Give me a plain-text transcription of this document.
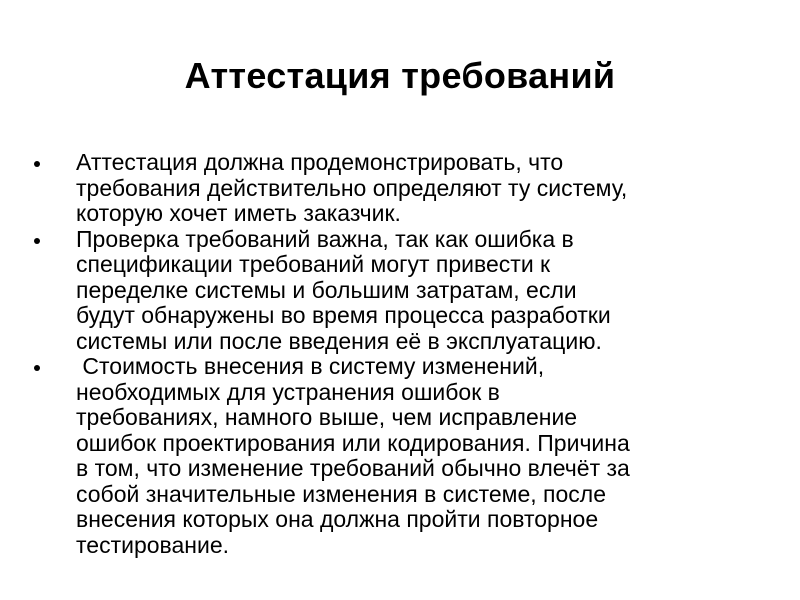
Аттестация требований
Аттестация должна продемонстрировать, что
требования действительно определяют ту систему,
которую хочет иметь заказчик.
Проверка требований важна, так как ошибка в
спецификации требований могут привести к
переделке системы и большим затратам, если
будут обнаружены во время процесса разработки
системы или после введения её в эксплуатацию.
Стоимость внесения в систему изменений,
необходимых для устранения ошибок в
требованиях, намного выше, чем исправление
ошибок проектирования или кодирования. Причина
в том, что изменение требований обычно влечёт за
собой значительные изменения в системе, после
внесения которых она должна пройти повторное
тестирование.
